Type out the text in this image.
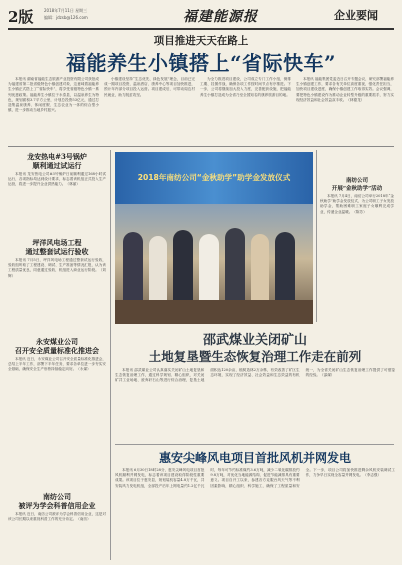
2版	2018年7月11日 星期三
编辑：jdzsb@126.com	福建能源报	企业要闻
项目推进天天在路上
福能养生小镇搭上“省际快车”

本报讯 湖南省福能生态旅游产业投资有限公司获批成为福建省第二批省级特色小镇创建对象，这意味着福能养生小镇正式搭上了“省际快车”，将享受省级特色小镇一系列优惠政策。福能养生小镇位于永泰县，以温泉养生为特色，规划面积3.7平方公里，计划总投资53亿元，通过打造集温泉康养、休闲度假、生态农业为一体的综合型小镇，进一步推动当地乡村振兴。

小镇建设坚持“生态优先、绿色发展”理念，目前已完成一期项目投资，温泉酒店、康养中心等项目加快推进，预计年内部分项目投入运营。项目建成后，可带动周边村民就业，助力脱贫攻坚。

为全力推进项目建设，公司成立专门工作小组，倒排工期、挂图作战，确保各项工作按时间节点有序推进。下一步，公司将继续加大投入力度，完善配套设施，把福能养生小镇打造成为全省乃至全国知名的康养旅游目的地。

本报讯 福能集团党委近日召开专题会议，研究部署福能养生小镇创建工作，要求各有关单位高度重视，强化责任担当，加快项目建设进度，确保小镇创建工作取得实效。会议强调，要把特色小镇建设作为推动企业转型升级的重要抓手，努力实现经济效益和社会效益双丰收。（林德龙）

龙安热电#3号锅炉
顺利通过试运行

本报讯 龙安热电公司#3号锅炉日前顺利通过168小时试运行，各项指标均达到设计要求，标志着该机组正式投入生产运营，将进一步提升企业供热能力。（林丽）

坪洋风电场工程
通过整套试运行验收

本报讯 7月5日，坪洋风电场工程通过整套试运行验收，验收组听取了工程建设、调试、生产准备等情况汇报，认为该工程质量优良，同意通过验收，机组进入商业运行阶段。（刘辉）

永安煤业公司
召开安全质量标准化推进会

本报讯 近日，永安煤业公司召开安全质量标准化推进会，总结上半年工作，部署下半年任务，要求各单位进一步夯实安全基础，确保安全生产形势持续稳定向好。（永煤）

南纺公司
被评为学会科普信用企业

本报讯 近日，南纺公司被评为学会科普信用企业，这是对该公司长期以来重视科普工作的充分肯定。（南纺）

2018年南纺公司“金秋助学”助学金发放仪式	南纺公司
开展“金秋助学”活动

本报讯 7月4日，南纺公司举行2018年“金秋助学”助学金发放仪式，为公司职工子女发放助学金，帮助困难职工家庭子女顺利完成学业，传递企业温暖。（陈芳）

邵武煤业关闭矿山
土地复垦暨生态恢复治理工作走在前列

本报讯 邵武煤业公司认真落实关闭矿山土地复垦和生态恢复治理工作，通过科学规划、精心组织，对关闭矿井工业场地、废弃矸石山等进行综合治理，复垦土地面积达120余亩，植树造林2万余株，有效改善了矿区生态环境，实现了经济效益、社会效益和生态效益的有机统一，为全省关闭矿山生态恢复治理工作提供了可借鉴的经验。（邵煤）

惠安尖峰风电项目首批风机并网发电

本报讯 6月30日18时28分，惠安尖峰风电项目首批风机顺利并网发电，标志着该项目建设取得阶段性重要成果。该项目位于惠安县，规划装机容量4.8万千瓦，共安装风力发电机组，全部投产后年上网电量约1.2亿千瓦时，每年可节约标准煤约3.6万吨，减少二氧化碳排放约9.8万吨，对优化当地能源结构、促进节能减排具有重要意义。项目自开工以来，参建各方克服台风天气等不利因素影响，精心组织、科学施工，确保了工程质量和安全。下一步，项目公司将加快推进剩余风机安装调试工作，力争早日实现全容量并网发电。（李志强）
